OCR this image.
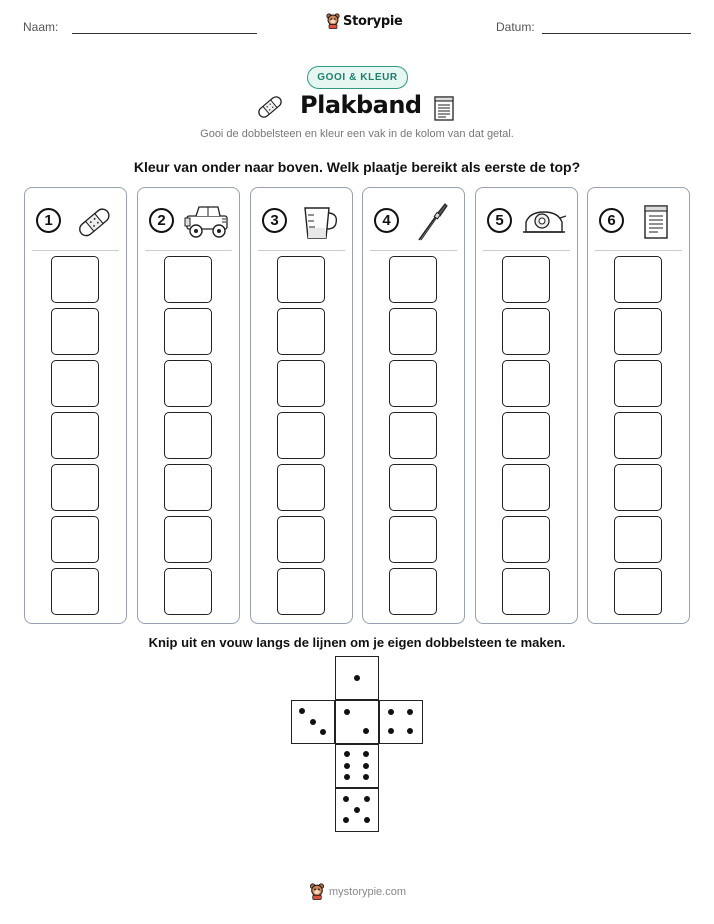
Naam:	Storypie	Datum:
GOOI & KLEUR
Plakband
Gooi de dobbelsteen en kleur een vak in de kolom van dat getal.
Kleur van onder naar boven. Welk plaatje bereikt als eerste de top?
1	2	3	4	5	6
Knip uit en vouw langs de lijnen om je eigen dobbelsteen te maken.
mystorypie.com
